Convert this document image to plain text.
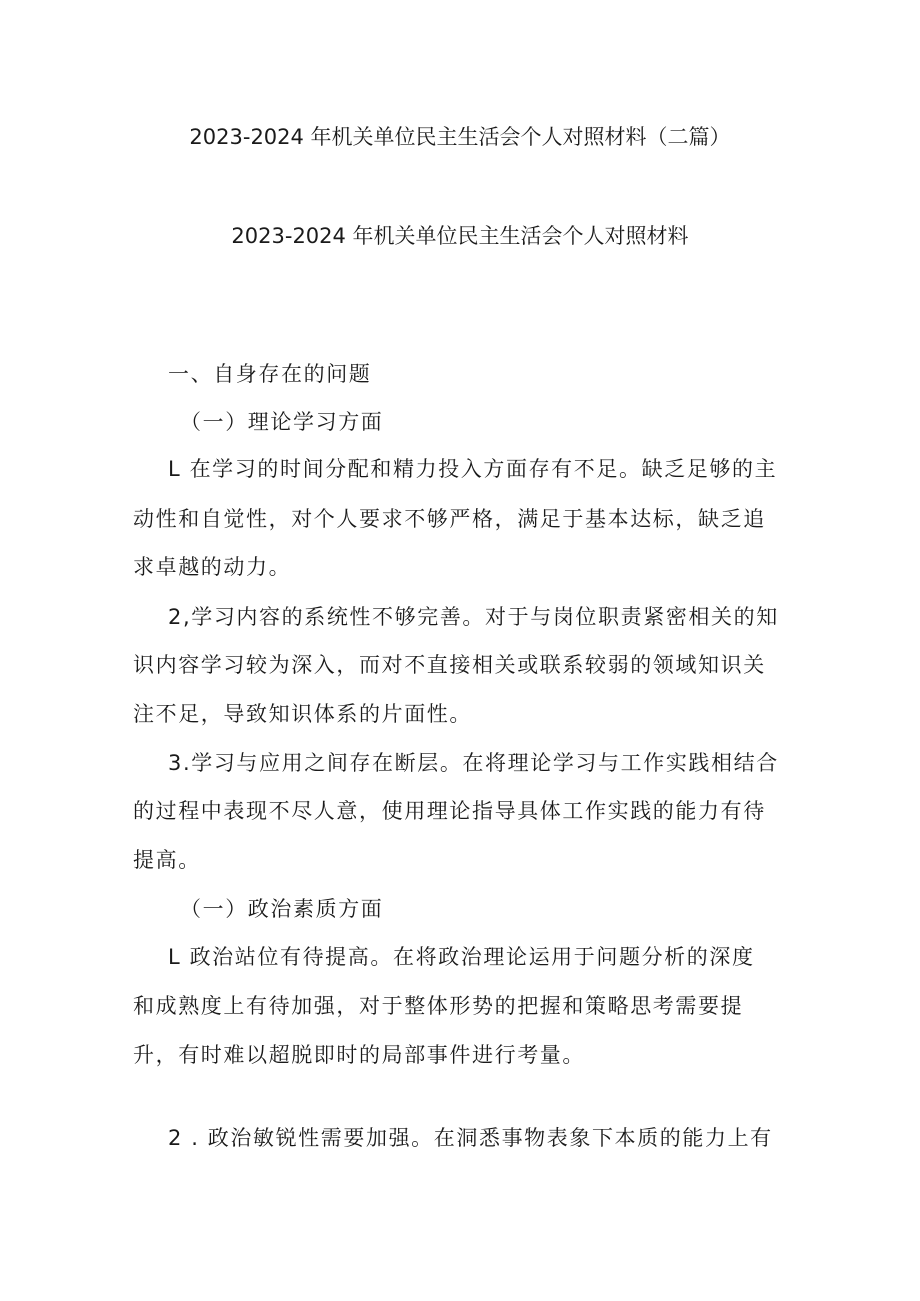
2023-2024 年机关单位民主生活会个人对照材料（二篇）
2023-2024 年机关单位民主生活会个人对照材料
一、自身存在的问题
（一）理论学习方面
L 在学习的时间分配和精力投入方面存有不足。缺乏足够的主
动性和自觉性，对个人要求不够严格，满足于基本达标，缺乏追
求卓越的动力。
2,学习内容的系统性不够完善。对于与岗位职责紧密相关的知
识内容学习较为深入，而对不直接相关或联系较弱的领域知识关
注不足，导致知识体系的片面性。
3.学习与应用之间存在断层。在将理论学习与工作实践相结合
的过程中表现不尽人意，使用理论指导具体工作实践的能力有待
提高。
（一）政治素质方面
L 政治站位有待提高。在将政治理论运用于问题分析的深度
和成熟度上有待加强，对于整体形势的把握和策略思考需要提
升，有时难以超脱即时的局部事件进行考量。
2 . 政治敏锐性需要加强。在洞悉事物表象下本质的能力上有
